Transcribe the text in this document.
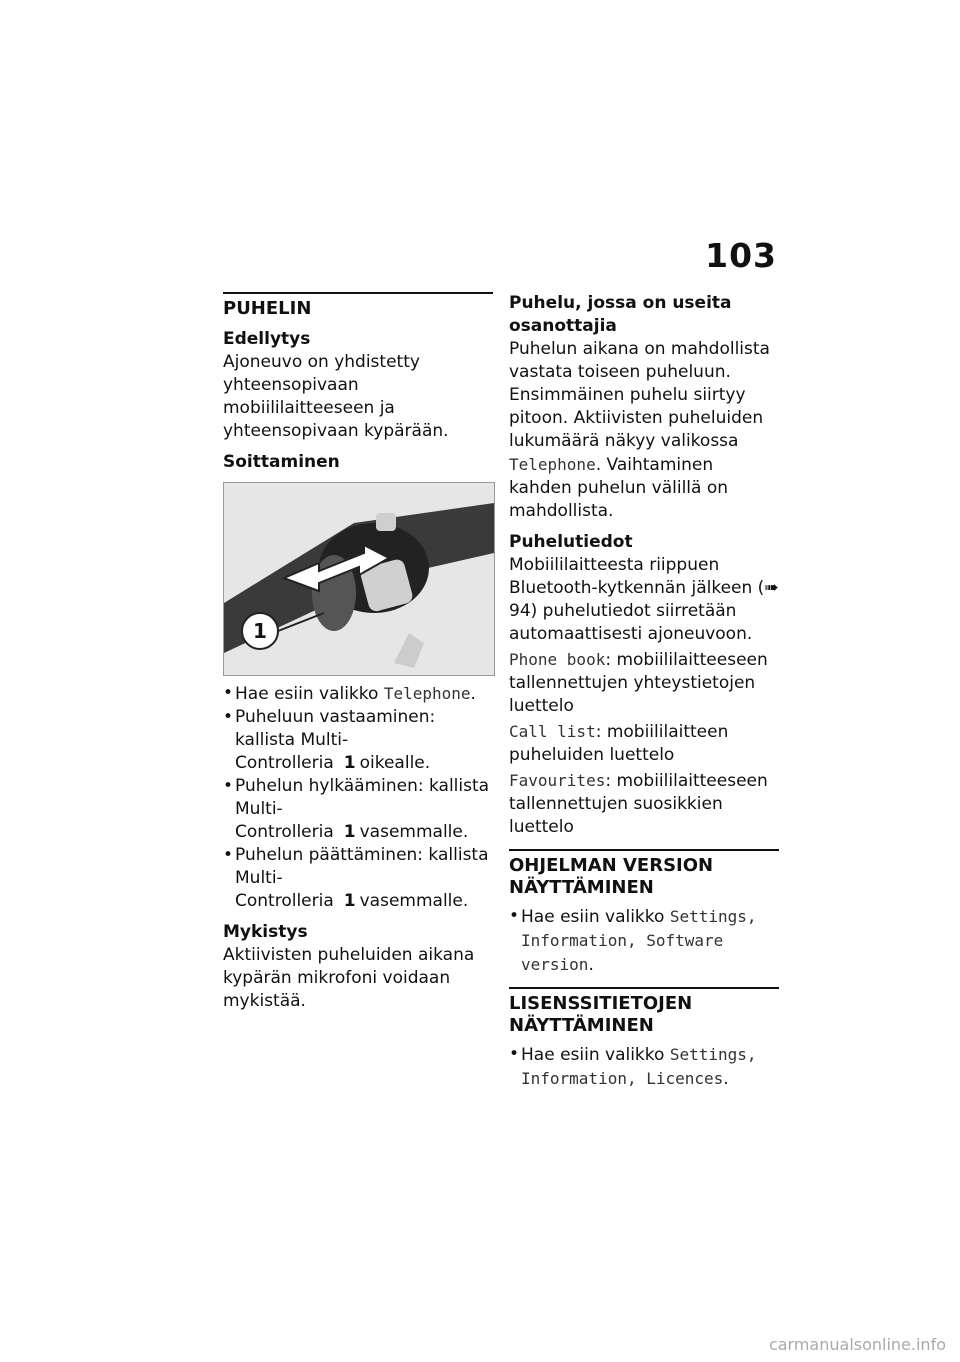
103
PUHELIN
Edellytys

Ajoneuvo on yhdistetty yhteensopivaan mobiililaitteeseen ja yhteensopivaan kypärään.

Soittaminen
1
• Hae esiin valikko Telephone.
• Puheluun vastaaminen: kallista Multi-Controlleria 1 oikealle.
• Puhelun hylkääminen: kallista Multi-Controlleria 1 vasemmalle.
• Puhelun päättäminen: kallista Multi-Controlleria 1 vasemmalle.
Mykistys

Aktiivisten puheluiden aikana kypärän mikrofoni voidaan mykistää.

Puhelu, jossa on useita osanottajia

Puhelun aikana on mahdollista vastata toiseen puheluun. Ensimmäinen puhelu siirtyy pitoon. Aktiivisten puheluiden lukumäärä näkyy valikossa Telephone. Vaihtaminen kahden puhelun välillä on mahdollista.

Puhelutiedot

Mobiililaitteesta riippuen Bluetooth-kytkennän jälkeen (➠ 94) puhelutiedot siirretään automaattisesti ajoneuvoon.

Phone book: mobiililaitteeseen tallennettujen yhteystietojen luettelo

Call list: mobiililaitteen puheluiden luettelo

Favourites: mobiililaitteeseen tallennettujen suosikkien luettelo

OHJELMAN VERSION NÄYTTÄMINEN
• Hae esiin valikko Settings, Information, Software version.
LISENSSITIETOJEN NÄYTTÄMINEN
• Hae esiin valikko Settings, Information, Licences.
carmanualsonline.info
